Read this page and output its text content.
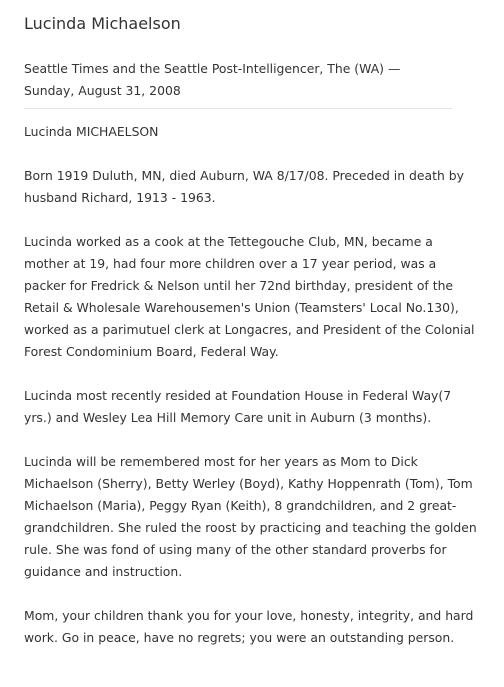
Lucinda Michaelson
Seattle Times and the Seattle Post-Intelligencer, The (WA) —
Sunday, August 31, 2008

Lucinda MICHAELSON

Born 1919 Duluth, MN, died Auburn, WA 8/17/08. Preceded in death by husband Richard, 1913 - 1963.

Lucinda worked as a cook at the Tettegouche Club, MN, became a mother at 19, had four more children over a 17 year period, was a packer for Fredrick & Nelson until her 72nd birthday, president of the Retail & Wholesale Warehousemen's Union (Teamsters' Local No.130), worked as a parimutuel clerk at Longacres, and President of the Colonial Forest Condominium Board, Federal Way.

Lucinda most recently resided at Foundation House in Federal Way(7 yrs.) and Wesley Lea Hill Memory Care unit in Auburn (3 months).

Lucinda will be remembered most for her years as Mom to Dick Michaelson (Sherry), Betty Werley (Boyd), Kathy Hoppenrath (Tom), Tom Michaelson (Maria), Peggy Ryan (Keith), 8 grandchildren, and 2 great-grandchildren. She ruled the roost by practicing and teaching the golden rule. She was fond of using many of the other standard proverbs for guidance and instruction.

Mom, your children thank you for your love, honesty, integrity, and hard work. Go in peace, have no regrets; you were an outstanding person.
